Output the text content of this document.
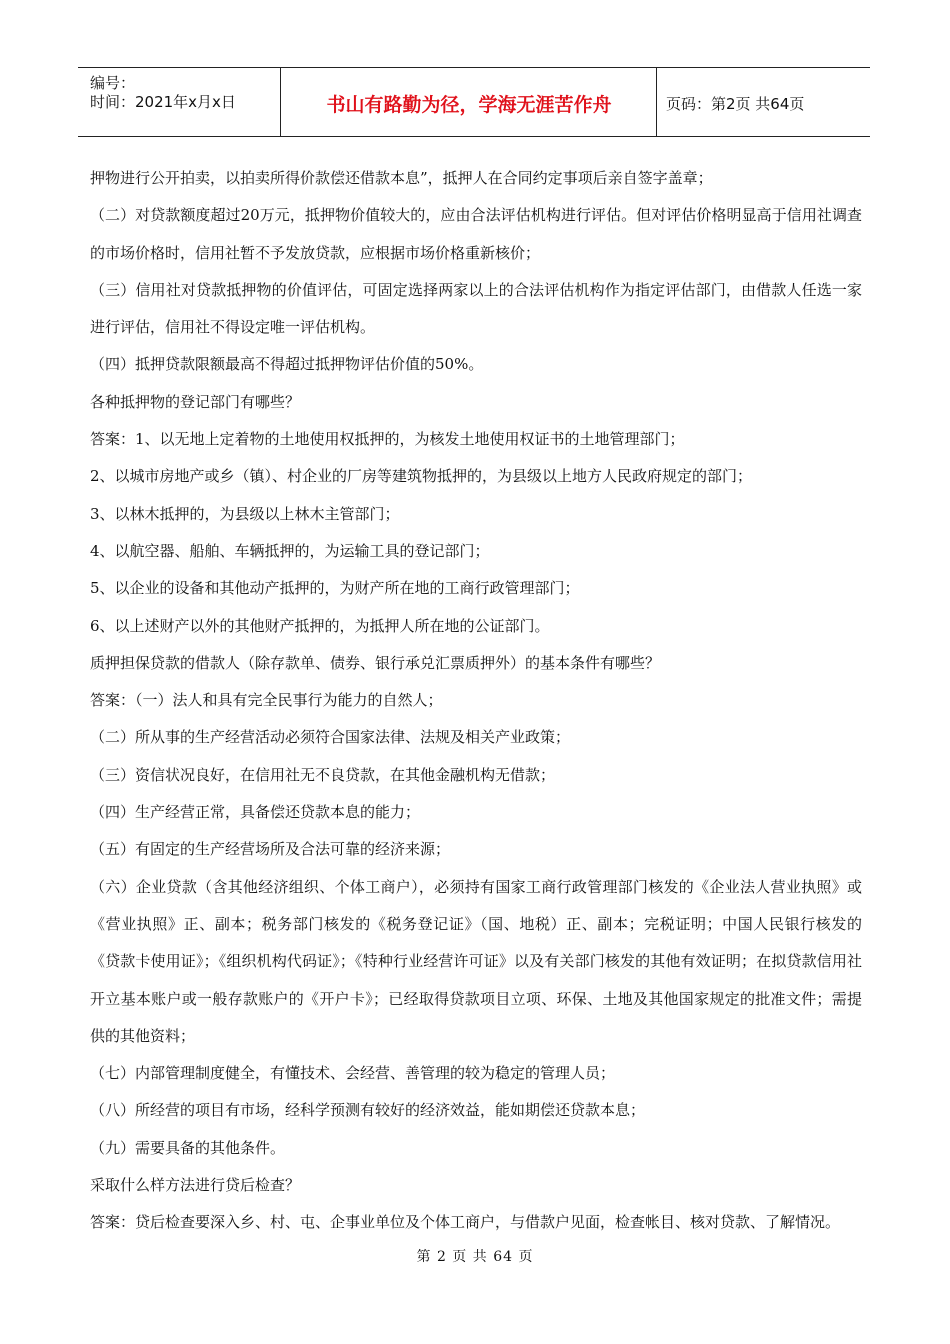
编号：
时间：2021年x月x日	书山有路勤为径，学海无涯苦作舟	页码：第2页 共64页
押物进行公开拍卖，以拍卖所得价款偿还借款本息”，抵押人在合同约定事项后亲自签字盖章；
（二）对贷款额度超过20万元，抵押物价值较大的，应由合法评估机构进行评估。但对评估价格明显高于信用社调查的市场价格时，信用社暂不予发放贷款，应根据市场价格重新核价；
（三）信用社对贷款抵押物的价值评估，可固定选择两家以上的合法评估机构作为指定评估部门，由借款人任选一家进行评估，信用社不得设定唯一评估机构。
（四）抵押贷款限额最高不得超过抵押物评估价值的50%。
各种抵押物的登记部门有哪些？
答案：1、以无地上定着物的土地使用权抵押的，为核发土地使用权证书的土地管理部门；
2、以城市房地产或乡（镇）、村企业的厂房等建筑物抵押的，为县级以上地方人民政府规定的部门；
3、以林木抵押的，为县级以上林木主管部门；
4、以航空器、船舶、车辆抵押的，为运输工具的登记部门；
5、以企业的设备和其他动产抵押的，为财产所在地的工商行政管理部门；
6、以上述财产以外的其他财产抵押的，为抵押人所在地的公证部门。
质押担保贷款的借款人（除存款单、债券、银行承兑汇票质押外）的基本条件有哪些？
答案：（一）法人和具有完全民事行为能力的自然人；
（二）所从事的生产经营活动必须符合国家法律、法规及相关产业政策；
（三）资信状况良好，在信用社无不良贷款，在其他金融机构无借款；
（四）生产经营正常，具备偿还贷款本息的能力；
（五）有固定的生产经营场所及合法可靠的经济来源；
（六）企业贷款（含其他经济组织、个体工商户），必须持有国家工商行政管理部门核发的《企业法人营业执照》或《营业执照》正、副本；税务部门核发的《税务登记证》（国、地税）正、副本；完税证明；中国人民银行核发的《贷款卡使用证》；《组织机构代码证》；《特种行业经营许可证》以及有关部门核发的其他有效证明；在拟贷款信用社开立基本账户或一般存款账户的《开户卡》；已经取得贷款项目立项、环保、土地及其他国家规定的批准文件；需提供的其他资料；
（七）内部管理制度健全，有懂技术、会经营、善管理的较为稳定的管理人员；
（八）所经营的项目有市场，经科学预测有较好的经济效益，能如期偿还贷款本息；
（九）需要具备的其他条件。
采取什么样方法进行贷后检查？
答案：贷后检查要深入乡、村、屯、企事业单位及个体工商户，与借款户见面，检查帐目、核对贷款、了解情况。
第 2 页 共 64 页
